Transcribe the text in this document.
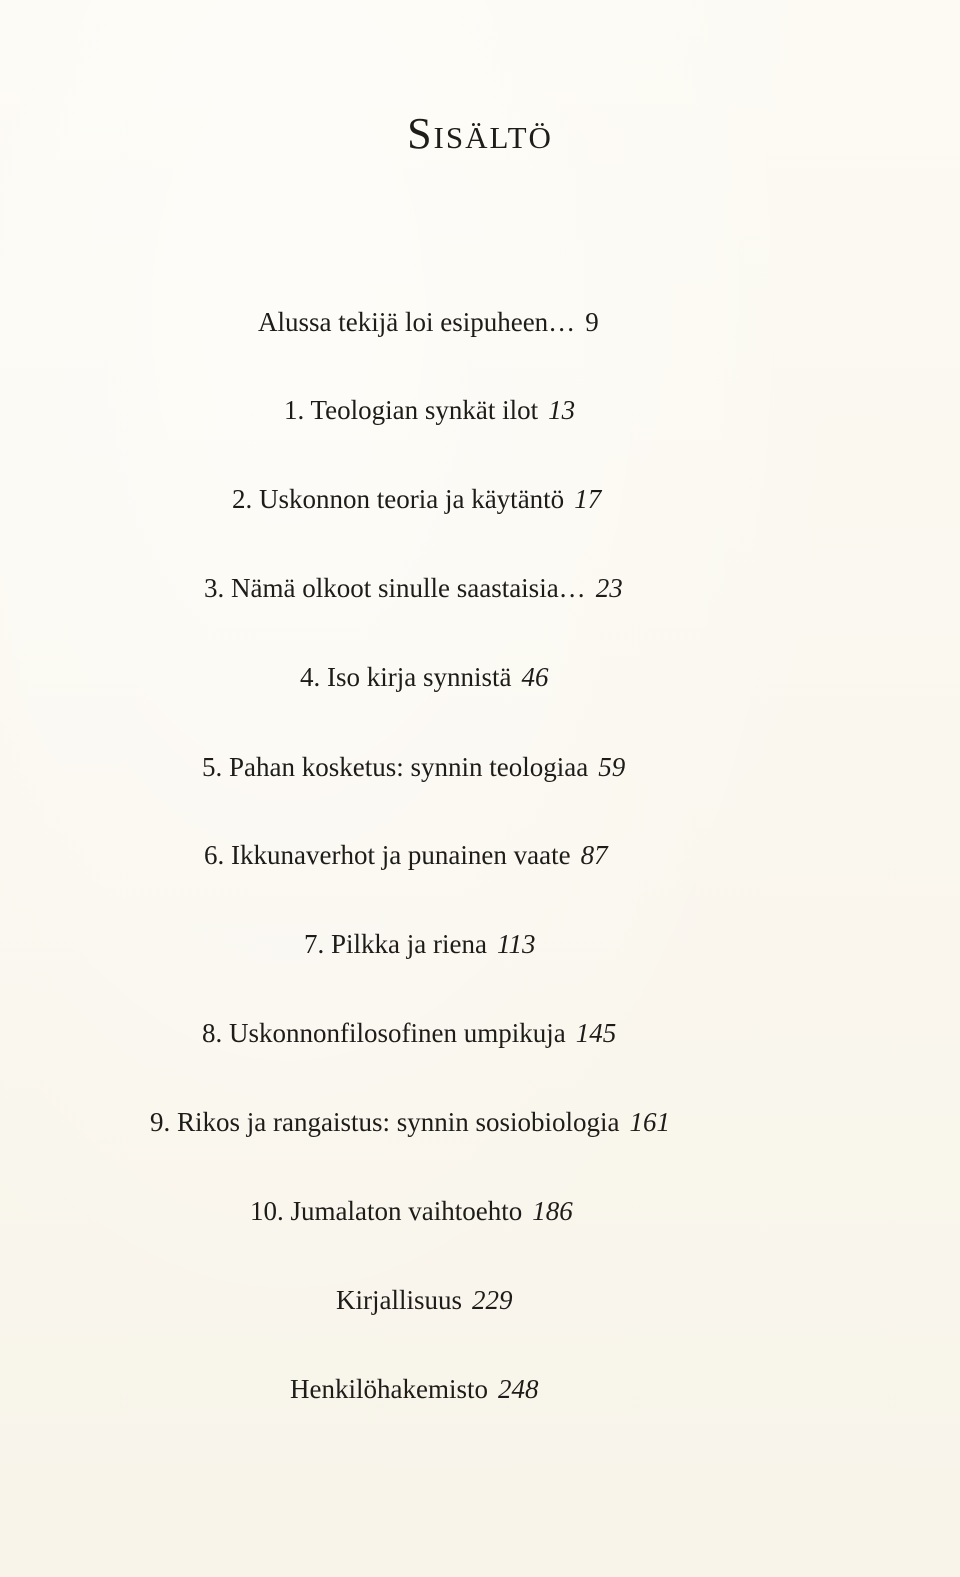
Sisältö
Alussa tekijä loi esipuheen… 9
1. Teologian synkät ilot 13
2. Uskonnon teoria ja käytäntö 17
3. Nämä olkoot sinulle saastaisia… 23
4. Iso kirja synnistä 46
5. Pahan kosketus: synnin teologiaa 59
6. Ikkunaverhot ja punainen vaate 87
7. Pilkka ja riena 113
8. Uskonnonfilosofinen umpikuja 145
9. Rikos ja rangaistus: synnin sosiobiologia 161
10. Jumalaton vaihtoehto 186
Kirjallisuus 229
Henkilöhakemisto 248
